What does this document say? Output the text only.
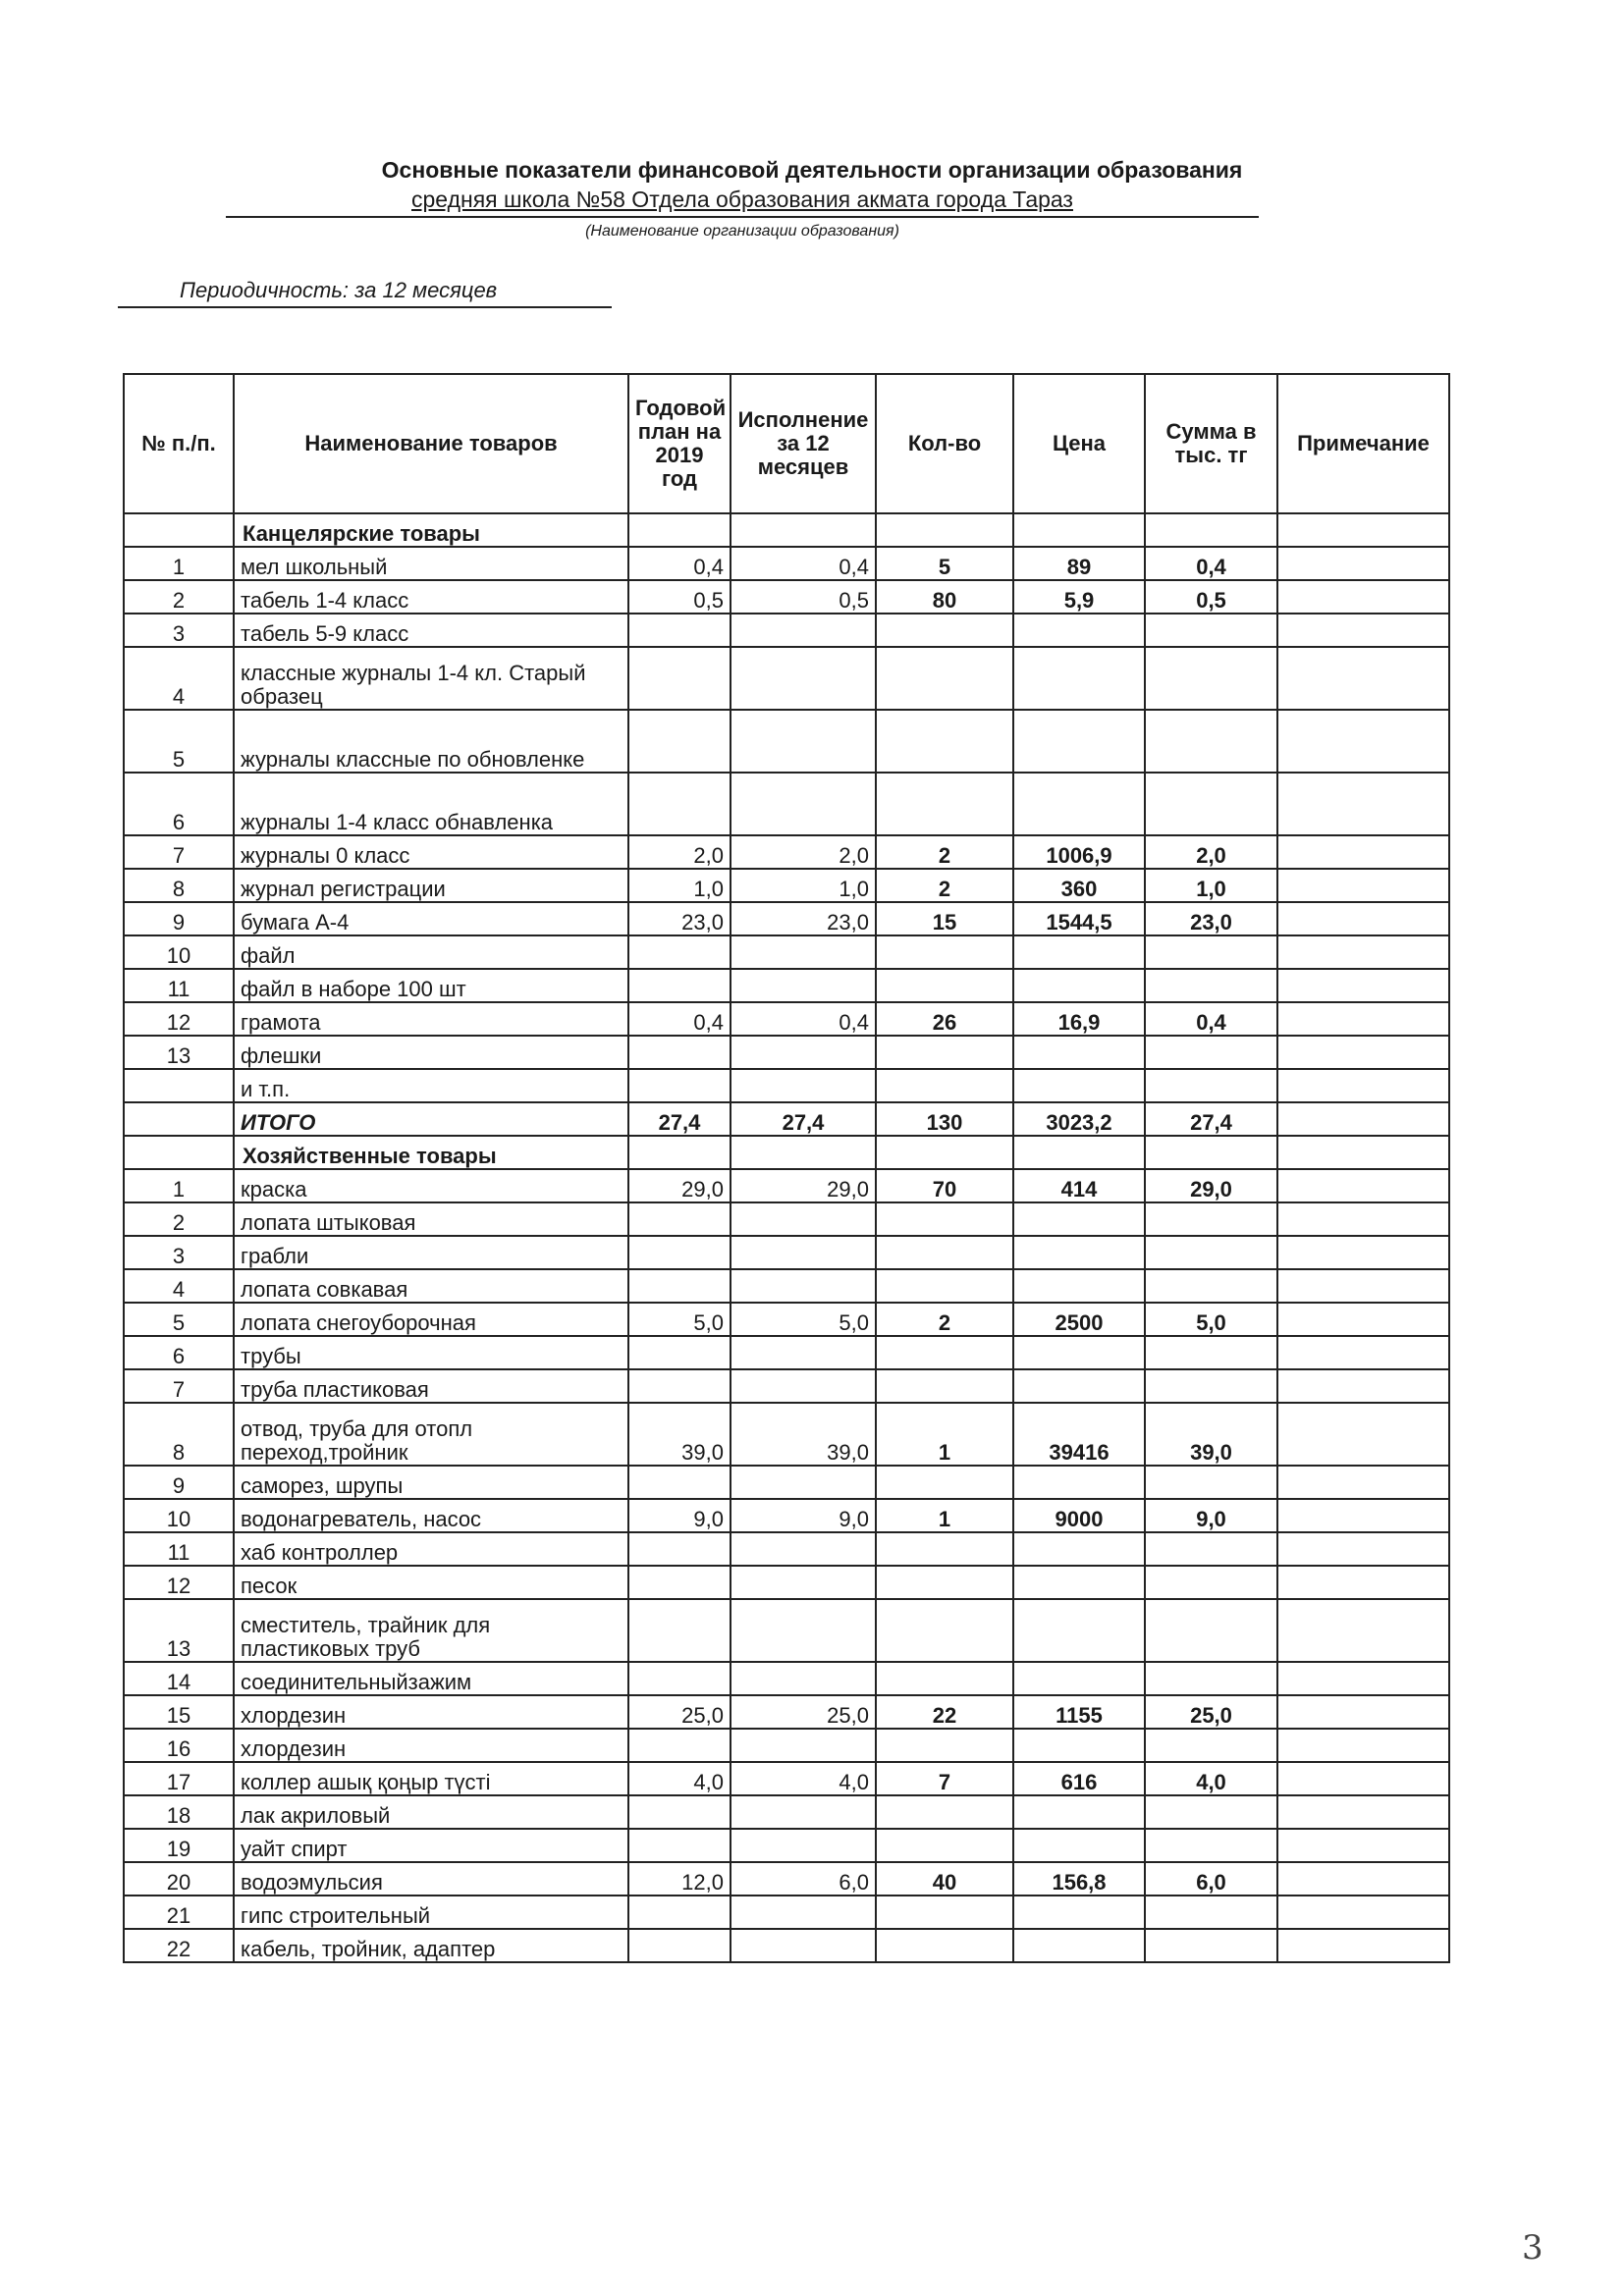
Основные показатели финансовой деятельности организации образования
средняя школа №58 Отдела образования акмата города Тараз
(Наименование организации образования)
Периодичность: за 12 месяцев
№ п./п.	Наименование товаров	Годовой план на 2019 год	Исполнение за 12 месяцев	Кол-во	Цена	Сумма в тыс. тг	Примечание
	Канцелярские товары						
1	мел школьный	0,4	0,4	5	89	0,4	
2	табель 1-4 класс	0,5	0,5	80	5,9	0,5	
3	табель 5-9 класс						
4	классные журналы 1-4 кл. Старый образец						
5	журналы классные по обновленке						
6	журналы 1-4 класс обнавленка						
7	журналы 0 класс	2,0	2,0	2	1006,9	2,0	
8	журнал регистрации	1,0	1,0	2	360	1,0	
9	бумага А-4	23,0	23,0	15	1544,5	23,0	
10	файл						
11	файл в наборе 100 шт						
12	грамота	0,4	0,4	26	16,9	0,4	
13	флешки						
	и т.п.						
	ИТОГО	27,4	27,4	130	3023,2	27,4	
	Хозяйственные товары						
1	краска	29,0	29,0	70	414	29,0	
2	лопата штыковая						
3	грабли						
4	лопата совкавая						
5	лопата снегоуборочная	5,0	5,0	2	2500	5,0	
6	трубы						
7	труба пластиковая						
8	отвод, труба для отопл переход,тройник	39,0	39,0	1	39416	39,0	
9	саморез, шрупы						
10	водонагреватель, насос	9,0	9,0	1	9000	9,0	
11	хаб контроллер						
12	песок						
13	сместитель, трайник для пластиковых труб						
14	соединительныйзажим						
15	хлордезин	25,0	25,0	22	1155	25,0	
16	хлордезин						
17	коллер ашық қоңыр түсті	4,0	4,0	7	616	4,0	
18	лак акриловый						
19	уайт спирт						
20	водоэмульсия	12,0	6,0	40	156,8	6,0	
21	гипс строительный						
22	кабель, тройник, адаптер						
3
